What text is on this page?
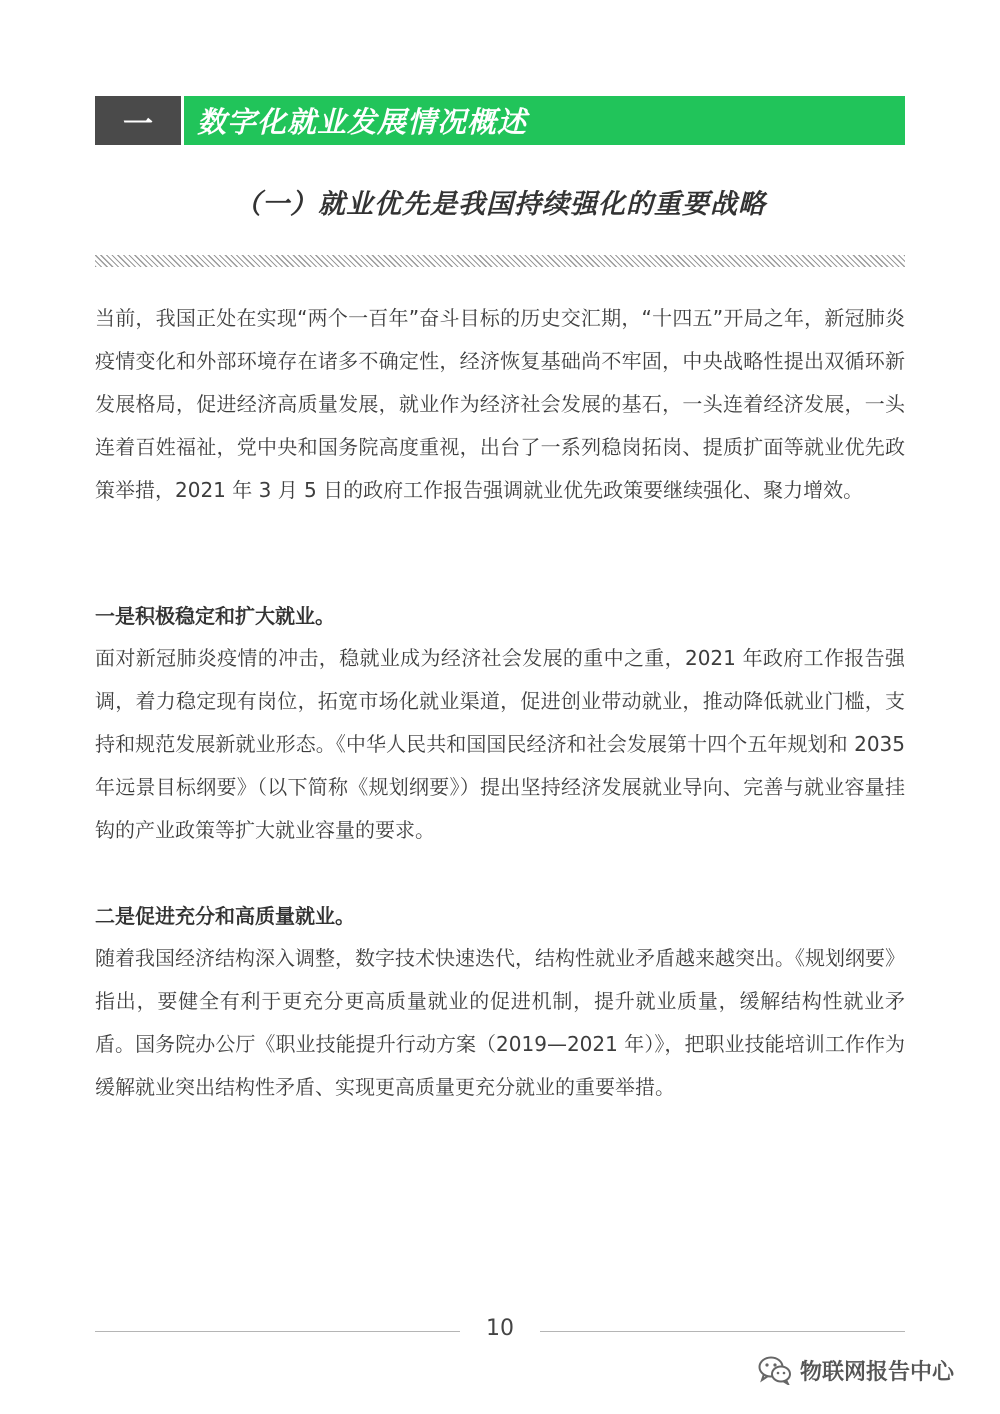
一	数字化就业发展情况概述
（一）就业优先是我国持续强化的重要战略

当前，我国正处在实现“两个一百年”奋斗目标的历史交汇期，“十四五”开局之年，新冠肺炎疫情变化和外部环境存在诸多不确定性，经济恢复基础尚不牢固，中央战略性提出双循环新发展格局，促进经济高质量发展，就业作为经济社会发展的基石，一头连着经济发展，一头连着百姓福祉，党中央和国务院高度重视，出台了一系列稳岗拓岗、提质扩面等就业优先政策举措，2021 年 3 月 5 日的政府工作报告强调就业优先政策要继续强化、聚力增效。

一是积极稳定和扩大就业。

面对新冠肺炎疫情的冲击，稳就业成为经济社会发展的重中之重，2021 年政府工作报告强调，着力稳定现有岗位，拓宽市场化就业渠道，促进创业带动就业，推动降低就业门槛，支持和规范发展新就业形态。《中华人民共和国国民经济和社会发展第十四个五年规划和 2035 年远景目标纲要》（以下简称《规划纲要》）提出坚持经济发展就业导向、完善与就业容量挂钩的产业政策等扩大就业容量的要求。

二是促进充分和高质量就业。

随着我国经济结构深入调整，数字技术快速迭代，结构性就业矛盾越来越突出。《规划纲要》指出，要健全有利于更充分更高质量就业的促进机制，提升就业质量，缓解结构性就业矛盾。国务院办公厅《职业技能提升行动方案（2019—2021 年）》，把职业技能培训工作作为缓解就业突出结构性矛盾、实现更高质量更充分就业的重要举措。

10
物联网报告中心
